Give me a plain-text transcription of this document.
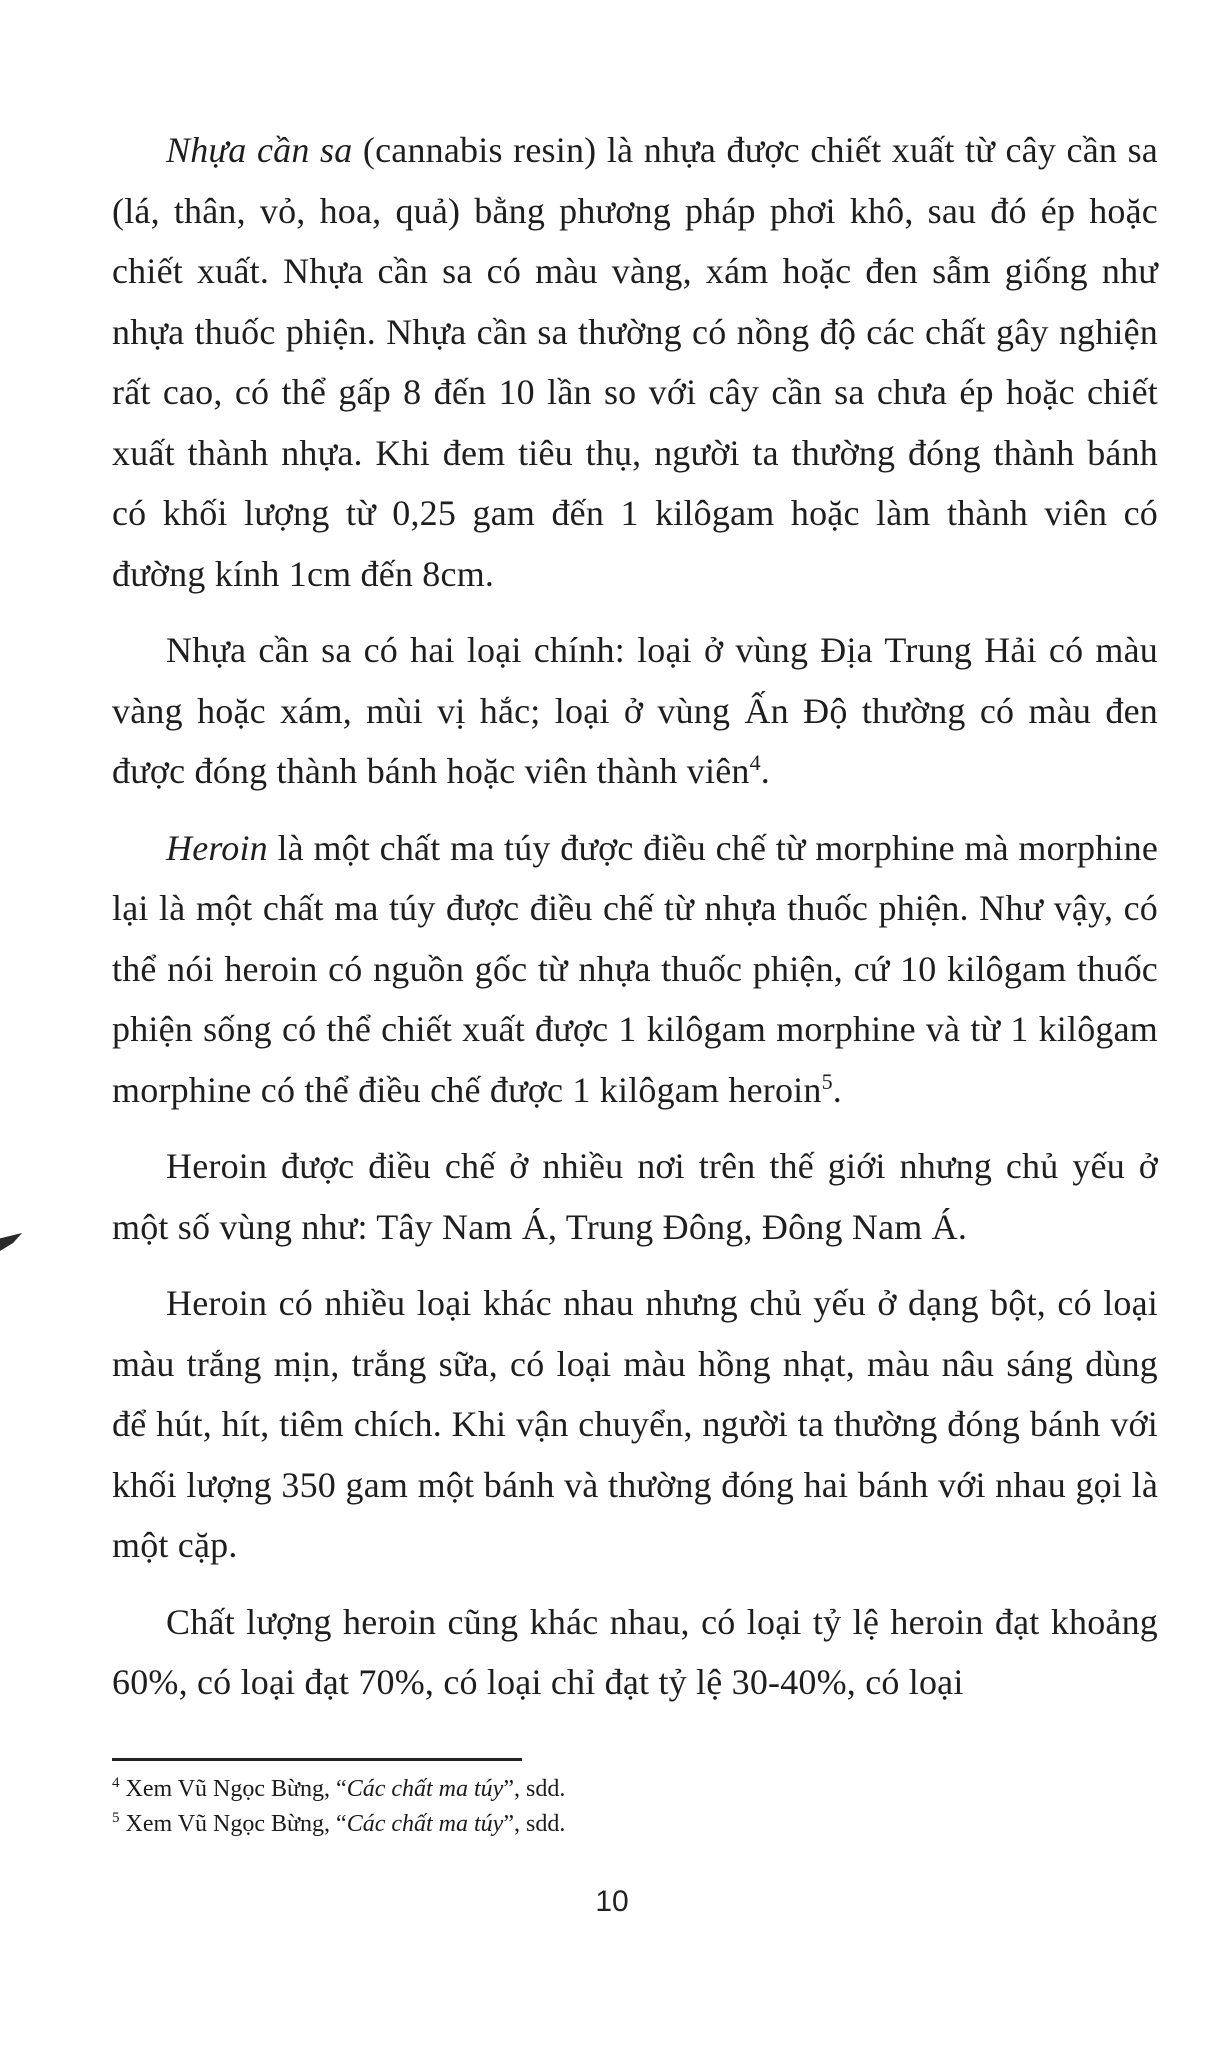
Nhựa cần sa (cannabis resin) là nhựa được chiết xuất từ cây cần sa (lá, thân, vỏ, hoa, quả) bằng phương pháp phơi khô, sau đó ép hoặc chiết xuất. Nhựa cần sa có màu vàng, xám hoặc đen sẫm giống như nhựa thuốc phiện. Nhựa cần sa thường có nồng độ các chất gây nghiện rất cao, có thể gấp 8 đến 10 lần so với cây cần sa chưa ép hoặc chiết xuất thành nhựa. Khi đem tiêu thụ, người ta thường đóng thành bánh có khối lượng từ 0,25 gam đến 1 kilôgam hoặc làm thành viên có đường kính 1cm đến 8cm.

Nhựa cần sa có hai loại chính: loại ở vùng Địa Trung Hải có màu vàng hoặc xám, mùi vị hắc; loại ở vùng Ấn Độ thường có màu đen được đóng thành bánh hoặc viên thành viên$^4$.

Heroin là một chất ma túy được điều chế từ morphine mà morphine lại là một chất ma túy được điều chế từ nhựa thuốc phiện. Như vậy, có thể nói heroin có nguồn gốc từ nhựa thuốc phiện, cứ 10 kilôgam thuốc phiện sống có thể chiết xuất được 1 kilôgam morphine và từ 1 kilôgam morphine có thể điều chế được 1 kilôgam heroin$^5$.

Heroin được điều chế ở nhiều nơi trên thế giới nhưng chủ yếu ở một số vùng như: Tây Nam Á, Trung Đông, Đông Nam Á.

Heroin có nhiều loại khác nhau nhưng chủ yếu ở dạng bột, có loại màu trắng mịn, trắng sữa, có loại màu hồng nhạt, màu nâu sáng dùng để hút, hít, tiêm chích. Khi vận chuyển, người ta thường đóng bánh với khối lượng 350 gam một bánh và thường đóng hai bánh với nhau gọi là một cặp.

Chất lượng heroin cũng khác nhau, có loại tỷ lệ heroin đạt khoảng 60%, có loại đạt 70%, có loại chỉ đạt tỷ lệ 30-40%, có loại

$^4$ Xem Vũ Ngọc Bừng, “Các chất ma túy”, sdd.
$^5$ Xem Vũ Ngọc Bừng, “Các chất ma túy”, sdd.
10
